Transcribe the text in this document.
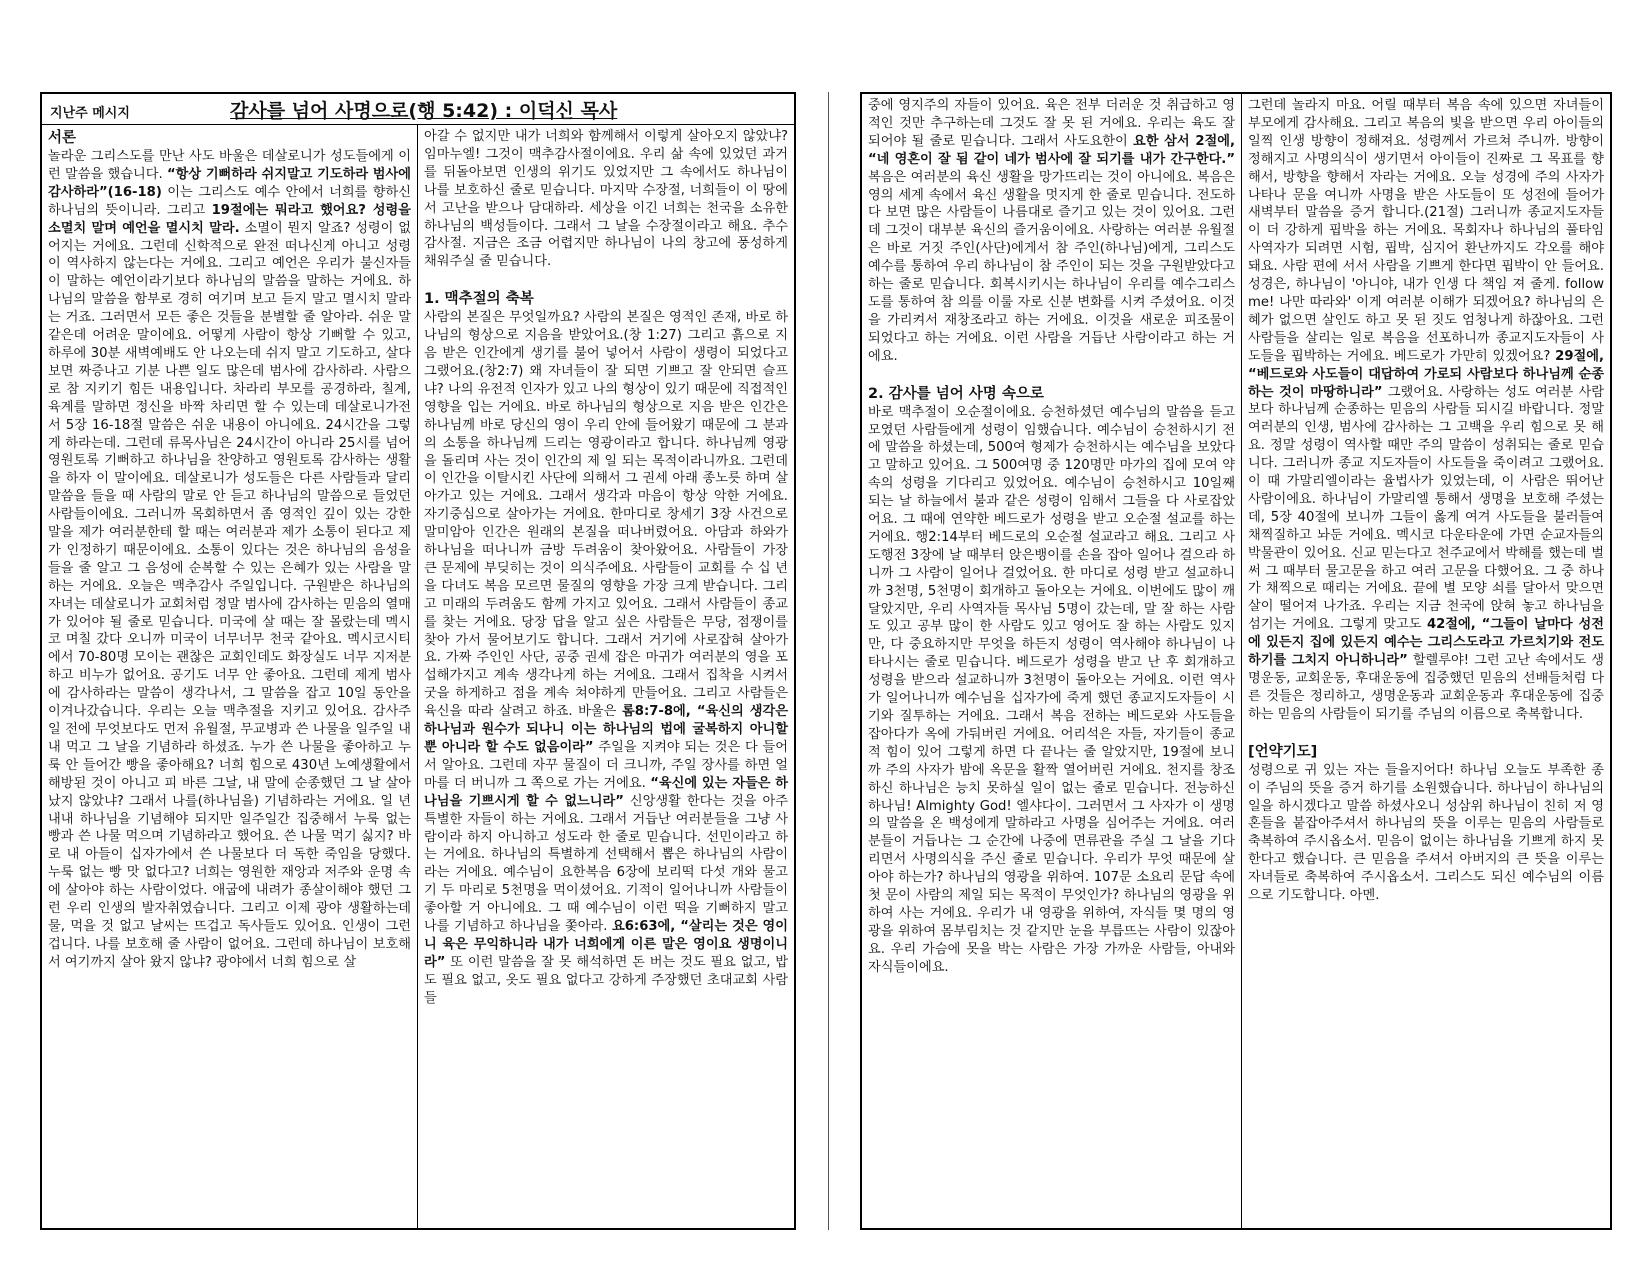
지난주 메시지	감사를 넘어 사명으로(행 5:42) : 이덕신 목사
서론

놀라운 그리스도를 만난 사도 바울은 데살로니가 성도들에게 이런 말씀을 했습니다. “항상 기뻐하라 쉬지말고 기도하라 범사에 감사하라”(16-18) 이는 그리스도 예수 안에서 너희를 향하신 하나님의 뜻이니라. 그리고 19절에는 뭐라고 했어요? 성령을 소멸치 말며 예언을 멸시치 말라. 소멸이 뭔지 알죠? 성령이 없어지는 거에요. 그런데 신학적으로 완전 떠나신게 아니고 성령이 역사하지 않는다는 거에요. 그리고 예언은 우리가 불신자들이 말하는 예언이라기보다 하나님의 말씀을 말하는 거에요. 하나님의 말씀을 함부로 경히 여기며 보고 듣지 말고 멸시치 말라는 거죠. 그러면서 모든 좋은 것들을 분별할 줄 알아라. 쉬운 말 같은데 어려운 말이에요. 어떻게 사람이 항상 기뻐할 수 있고, 하루에 30분 새벽예배도 안 나오는데 쉬지 말고 기도하고, 살다 보면 짜증나고 기분 나쁜 일도 많은데 범사에 감사하라. 사람으로 참 지키기 힘든 내용입니다. 차라리 부모를 공경하라, 칠계, 육계를 말하면 정신을 바짝 차리면 할 수 있는데 데살로니가전서 5장 16-18절 말씀은 쉬운 내용이 아니에요. 24시간을 그렇게 하라는데. 그런데 류목사님은 24시간이 아니라 25시를 넘어 영원토록 기뻐하고 하나님을 찬양하고 영원토록 감사하는 생활을 하자 이 말이에요. 데살로니가 성도들은 다른 사람들과 달리 말씀을 들을 때 사람의 말로 안 듣고 하나님의 말씀으로 들었던 사람들이에요. 그러니까 목회하면서 좀 영적인 깊이 있는 강한 말을 제가 여러분한테 할 때는 여러분과 제가 소통이 된다고 제가 인정하기 때문이에요. 소통이 있다는 것은 하나님의 음성을 들을 줄 알고 그 음성에 순복할 수 있는 은혜가 있는 사람을 말하는 거에요. 오늘은 맥추감사 주일입니다. 구원받은 하나님의 자녀는 데살로니가 교회처럼 정말 범사에 감사하는 믿음의 열매가 있어야 될 줄로 믿습니다. 미국에 살 때는 잘 몰랐는데 멕시코 며칠 갔다 오니까 미국이 너무너무 천국 같아요. 멕시코시티에서 70-80명 모이는 괜찮은 교회인데도 화장실도 너무 지저분하고 비누가 없어요. 공기도 너무 안 좋아요. 그런데 제게 범사에 감사하라는 말씀이 생각나서, 그 말씀을 잡고 10일 동안을 이겨나갔습니다. 우리는 오늘 맥추절을 지키고 있어요. 감사주일 전에 무엇보다도 먼저 유월절, 무교병과 쓴 나물을 일주일 내내 먹고 그 날을 기념하라 하셨죠. 누가 쓴 나물을 좋아하고 누룩 안 들어간 빵을 좋아해요? 너희 힘으로 430년 노예생활에서 해방된 것이 아니고 피 바른 그날, 내 말에 순종했던 그 날 살아났지 않았냐? 그래서 나를(하나님을) 기념하라는 거에요. 일 년 내내 하나님을 기념해야 되지만 일주일간 집중해서 누룩 없는 빵과 쓴 나물 먹으며 기념하라고 했어요. 쓴 나물 먹기 싫지? 바로 내 아들이 십자가에서 쓴 나물보다 더 독한 죽임을 당했다. 누룩 없는 빵 맛 없다고? 너희는 영원한 재앙과 저주와 운명 속에 살아야 하는 사람이었다. 애굽에 내려가 종살이해야 했던 그런 우리 인생의 발자취였습니다. 그리고 이제 광야 생활하는데 물, 먹을 것 없고 날씨는 뜨겁고 독사들도 있어요. 인생이 그런 겁니다. 나를 보호해 줄 사람이 없어요. 그런데 하나님이 보호해서 여기까지 살아 왔지 않냐? 광야에서 너희 힘으로 살

아갈 수 없지만 내가 너희와 함께해서 이렇게 살아오지 않았냐? 임마누엘! 그것이 맥추감사절이에요. 우리 삶 속에 있었던 과거를 뒤돌아보면 인생의 위기도 있었지만 그 속에서도 하나님이 나를 보호하신 줄로 믿습니다. 마지막 수장절, 너희들이 이 땅에서 고난을 받으나 담대하라. 세상을 이긴 너희는 천국을 소유한 하나님의 백성들이다. 그래서 그 날을 수장절이라고 해요. 추수감사절. 지금은 조금 어렵지만 하나님이 나의 창고에 풍성하게 채워주실 줄 믿습니다.

1. 맥추절의 축복

사람의 본질은 무엇일까요? 사람의 본질은 영적인 존재, 바로 하나님의 형상으로 지음을 받았어요.(창 1:27) 그리고 흙으로 지음 받은 인간에게 생기를 불어 넣어서 사람이 생령이 되었다고 그랬어요.(창2:7) 왜 자녀들이 잘 되면 기쁘고 잘 안되면 슬프냐? 나의 유전적 인자가 있고 나의 형상이 있기 때문에 직접적인 영향을 입는 거에요. 바로 하나님의 형상으로 지음 받은 인간은 하나님께 바로 당신의 영이 우리 안에 들어왔기 때문에 그 분과의 소통을 하나님께 드리는 영광이라고 합니다. 하나님께 영광을 돌리며 사는 것이 인간의 제 일 되는 목적이라니까요. 그런데 이 인간을 이탈시킨 사단에 의해서 그 권세 아래 종노릇 하며 살아가고 있는 거에요. 그래서 생각과 마음이 항상 악한 거에요. 자기중심으로 살아가는 거에요. 한마디로 창세기 3장 사건으로 말미암아 인간은 원래의 본질을 떠나버렸어요. 아담과 하와가 하나님을 떠나니까 금방 두려움이 찾아왔어요. 사람들이 가장 큰 문제에 부딪히는 것이 의식주에요. 사람들이 교회를 수 십 년을 다녀도 복음 모르면 물질의 영향을 가장 크게 받습니다. 그리고 미래의 두려움도 함께 가지고 있어요. 그래서 사람들이 종교를 찾는 거에요. 당장 답을 알고 싶은 사람들은 무당, 점쟁이를 찾아 가서 물어보기도 합니다. 그래서 거기에 사로잡혀 살아가요. 가짜 주인인 사단, 공중 권세 잡은 마귀가 여러분의 영을 포섭해가지고 계속 생각나게 하는 거에요. 그래서 집착을 시켜서 굿을 하게하고 점을 계속 쳐야하게 만들어요. 그리고 사람들은 육신을 따라 살려고 하죠. 바울은 롬8:7-8에, “육신의 생각은 하나님과 원수가 되나니 이는 하나님의 법에 굴복하지 아니할 뿐 아니라 할 수도 없음이라” 주일을 지켜야 되는 것은 다 들어서 알아요. 그런데 자꾸 물질이 더 크니까, 주일 장사를 하면 얼마를 더 버니까 그 쪽으로 가는 거에요. “육신에 있는 자들은 하나님을 기쁘시게 할 수 없느니라” 신앙생활 한다는 것을 아주 특별한 자들이 하는 거에요. 그래서 거듭난 여러분들을 그냥 사람이라 하지 아니하고 성도라 한 줄로 믿습니다. 선민이라고 하는 거에요. 하나님의 특별하게 선택해서 뽑은 하나님의 사람이라는 거에요. 예수님이 요한복음 6장에 보리떡 다섯 개와 물고기 두 마리로 5천명을 먹이셨어요. 기적이 일어나니까 사람들이 좋아할 거 아니에요. 그 때 예수님이 이런 떡을 기뻐하지 말고 나를 기념하고 하나님을 쫓아라. 요6:63에, “살리는 것은 영이니 육은 무익하니라 내가 너희에게 이른 말은 영이요 생명이니라” 또 이런 말씀을 잘 못 해석하면 돈 버는 것도 필요 없고, 밥도 필요 없고, 옷도 필요 없다고 강하게 주장했던 초대교회 사람들

중에 영지주의 자들이 있어요. 육은 전부 더러운 것 취급하고 영적인 것만 추구하는데 그것도 잘 못 된 거에요. 우리는 육도 잘 되어야 될 줄로 믿습니다. 그래서 사도요한이 요한 삼서 2절에, “네 영혼이 잘 됨 같이 네가 범사에 잘 되기를 내가 간구한다.” 복음은 여러분의 육신 생활을 망가뜨리는 것이 아니에요. 복음은 영의 세계 속에서 육신 생활을 멋지게 한 줄로 믿습니다. 전도하다 보면 많은 사람들이 나름대로 즐기고 있는 것이 있어요. 그런데 그것이 대부분 육신의 즐거움이에요. 사랑하는 여러분 유월절은 바로 거짓 주인(사단)에게서 참 주인(하나님)에게, 그리스도 예수를 통하여 우리 하나님이 참 주인이 되는 것을 구원받았다고 하는 줄로 믿습니다. 회복시키시는 하나님이 우리를 예수그리스도를 통하여 참 의를 이룰 자로 신분 변화를 시켜 주셨어요. 이것을 가리켜서 재창조라고 하는 거에요. 이것을 새로운 피조물이 되었다고 하는 거에요. 이런 사람을 거듭난 사람이라고 하는 거에요.

2. 감사를 넘어 사명 속으로

바로 맥추절이 오순절이에요. 승천하셨던 예수님의 말씀을 듣고 모였던 사람들에게 성령이 임했습니다. 예수님이 승천하시기 전에 말씀을 하셨는데, 500여 형제가 승천하시는 예수님을 보았다고 말하고 있어요. 그 500여명 중 120명만 마가의 집에 모여 약속의 성령을 기다리고 있었어요. 예수님이 승천하시고 10일째 되는 날 하늘에서 불과 같은 성령이 임해서 그들을 다 사로잡았어요. 그 때에 연약한 베드로가 성령을 받고 오순절 설교를 하는 거에요. 행2:14부터 베드로의 오순절 설교라고 해요. 그리고 사도행전 3장에 날 때부터 앉은뱅이를 손을 잡아 일어나 걸으라 하니까 그 사람이 일어나 걸었어요. 한 마디로 성령 받고 설교하니까 3천명, 5천명이 회개하고 돌아오는 거에요. 이번에도 많이 깨달았지만, 우리 사역자들 목사님 5명이 갔는데, 말 잘 하는 사람도 있고 공부 많이 한 사람도 있고 영어도 잘 하는 사람도 있지만, 다 중요하지만 무엇을 하든지 성령이 역사해야 하나님이 나타나시는 줄로 믿습니다. 베드로가 성령을 받고 난 후 회개하고 성령을 받으라 설교하니까 3천명이 돌아오는 거에요. 이런 역사가 일어나니까 예수님을 십자가에 죽게 했던 종교지도자들이 시기와 질투하는 거에요. 그래서 복음 전하는 베드로와 사도들을 잡아다가 옥에 가둬버린 거에요. 어리석은 자들, 자기들이 종교적 힘이 있어 그렇게 하면 다 끝나는 줄 알았지만, 19절에 보니까 주의 사자가 밤에 옥문을 활짝 열어버린 거에요. 천지를 창조하신 하나님은 능치 못하실 일이 없는 줄로 믿습니다. 전능하신 하나님! Almighty God! 엘샤다이. 그러면서 그 사자가 이 생명의 말씀을 온 백성에게 말하라고 사명을 심어주는 거에요. 여러분들이 거듭나는 그 순간에 나중에 면류관을 주실 그 날을 기다리면서 사명의식을 주신 줄로 믿습니다. 우리가 무엇 때문에 살아야 하는가? 하나님의 영광을 위하여. 107문 소요리 문답 속에 첫 문이 사람의 제일 되는 목적이 무엇인가? 하나님의 영광을 위하여 사는 거에요. 우리가 내 영광을 위하여, 자식들 몇 명의 영광을 위하여 몸부림치는 것 같지만 눈을 부릅뜨는 사람이 있잖아요. 우리 가슴에 못을 박는 사람은 가장 가까운 사람들, 아내와 자식들이에요.

그런데 놀라지 마요. 어릴 때부터 복음 속에 있으면 자녀들이 부모에게 감사해요. 그리고 복음의 빛을 받으면 우리 아이들의 일찍 인생 방향이 정해져요. 성령께서 가르쳐 주니까. 방향이 정해지고 사명의식이 생기면서 아이들이 진짜로 그 목표를 향해서, 방향을 향해서 자라는 거에요. 오늘 성경에 주의 사자가 나타나 문을 여니까 사명을 받은 사도들이 또 성전에 들어가 새벽부터 말씀을 증거 합니다.(21절) 그러니까 종교지도자들이 더 강하게 핍박을 하는 거에요. 목회자나 하나님의 풀타임 사역자가 되려면 시험, 핍박, 심지어 환난까지도 각오를 해야 돼요. 사람 편에 서서 사람을 기쁘게 한다면 핍박이 안 들어요. 성경은, 하나님이 '아니야, 내가 인생 다 책임 져 줄게. follow me! 나만 따라와' 이게 여러분 이해가 되겠어요? 하나님의 은혜가 없으면 살인도 하고 못 된 짓도 엄청나게 하잖아요. 그런 사람들을 살리는 일로 복음을 선포하니까 종교지도자들이 사도들을 핍박하는 거에요. 베드로가 가만히 있겠어요? 29절에, “베드로와 사도들이 대답하여 가로되 사람보다 하나님께 순종하는 것이 마땅하니라” 그랬어요. 사랑하는 성도 여러분 사람보다 하나님께 순종하는 믿음의 사람들 되시길 바랍니다. 정말 여러분의 인생, 범사에 감사하는 그 고백을 우리 힘으로 못 해요. 정말 성령이 역사할 때만 주의 말씀이 성취되는 줄로 믿습니다. 그러니까 종교 지도자들이 사도들을 죽이려고 그랬어요. 이 때 가말리엘이라는 율법사가 있었는데, 이 사람은 뛰어난 사람이에요. 하나님이 가말리엘 통해서 생명을 보호해 주셨는데, 5장 40절에 보니까 그들이 옳게 여겨 사도들을 불러들여 채찍질하고 놔둔 거에요. 멕시코 다운타운에 가면 순교자들의 박물관이 있어요. 신교 믿는다고 천주교에서 박해를 했는데 벌써 그 때부터 물고문을 하고 여러 고문을 다했어요. 그 중 하나가 채찍으로 때리는 거에요. 끝에 별 모양 쇠를 달아서 맞으면 살이 떨어져 나가죠. 우리는 지금 천국에 앉혀 놓고 하나님을 섬기는 거에요. 그렇게 맞고도 42절에, “그들이 날마다 성전에 있든지 집에 있든지 예수는 그리스도라고 가르치기와 전도하기를 그치지 아니하니라” 할렐루야! 그런 고난 속에서도 생명운동, 교회운동, 후대운동에 집중했던 믿음의 선배들처럼 다른 것들은 정리하고, 생명운동과 교회운동과 후대운동에 집중하는 믿음의 사람들이 되기를 주님의 이름으로 축복합니다.

[언약기도]

성령으로 귀 있는 자는 들을지어다! 하나님 오늘도 부족한 종이 주님의 뜻을 증거 하기를 소원했습니다. 하나님이 하나님의 일을 하시겠다고 말씀 하셨사오니 성삼위 하나님이 친히 저 영혼들을 붙잡아주셔서 하나님의 뜻을 이루는 믿음의 사람들로 축복하여 주시옵소서. 믿음이 없이는 하나님을 기쁘게 하지 못한다고 했습니다. 큰 믿음을 주셔서 아버지의 큰 뜻을 이루는 자녀들로 축복하여 주시옵소서. 그리스도 되신 예수님의 이름으로 기도합니다. 아멘.
